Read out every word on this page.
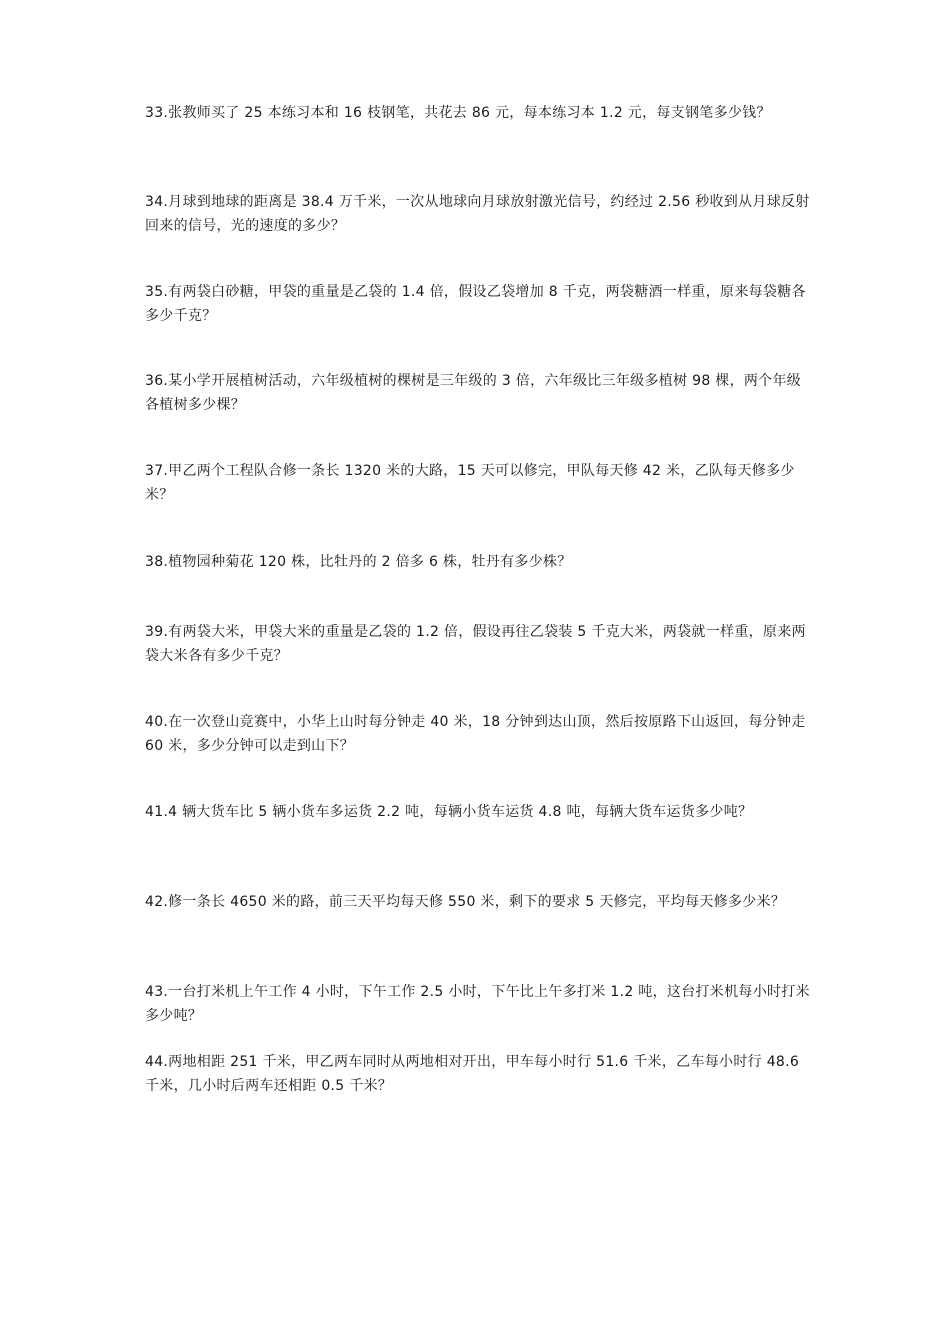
33.张教师买了 25 本练习本和 16 枝钢笔，共花去 86 元，每本练习本 1.2 元，每支钢笔多少钱？

34.月球到地球的距离是 38.4 万千米，一次从地球向月球放射激光信号，约经过 2.56 秒收到从月球反射回来的信号，光的速度的多少？

35.有两袋白砂糖，甲袋的重量是乙袋的 1.4 倍，假设乙袋增加 8 千克，两袋糖酒一样重，原来每袋糖各多少千克？

36.某小学开展植树活动，六年级植树的棵树是三年级的 3 倍，六年级比三年级多植树 98 棵，两个年级各植树多少棵？

37.甲乙两个工程队合修一条长 1320 米的大路，15 天可以修完，甲队每天修 42 米，乙队每天修多少米？

38.植物园种菊花 120 株，比牡丹的 2 倍多 6 株，牡丹有多少株？

39.有两袋大米，甲袋大米的重量是乙袋的 1.2 倍，假设再往乙袋装 5 千克大米，两袋就一样重，原来两袋大米各有多少千克？

40.在一次登山竞赛中，小华上山时每分钟走 40 米，18 分钟到达山顶，然后按原路下山返回，每分钟走 60 米，多少分钟可以走到山下？

41.4 辆大货车比 5 辆小货车多运货 2.2 吨，每辆小货车运货 4.8 吨，每辆大货车运货多少吨？

42.修一条长 4650 米的路，前三天平均每天修 550 米，剩下的要求 5 天修完，平均每天修多少米？

43.一台打米机上午工作 4 小时，下午工作 2.5 小时，下午比上午多打米 1.2 吨，这台打米机每小时打米多少吨？

44.两地相距 251 千米，甲乙两车同时从两地相对开出，甲车每小时行 51.6 千米，乙车每小时行 48.6 千米，几小时后两车还相距 0.5 千米？
